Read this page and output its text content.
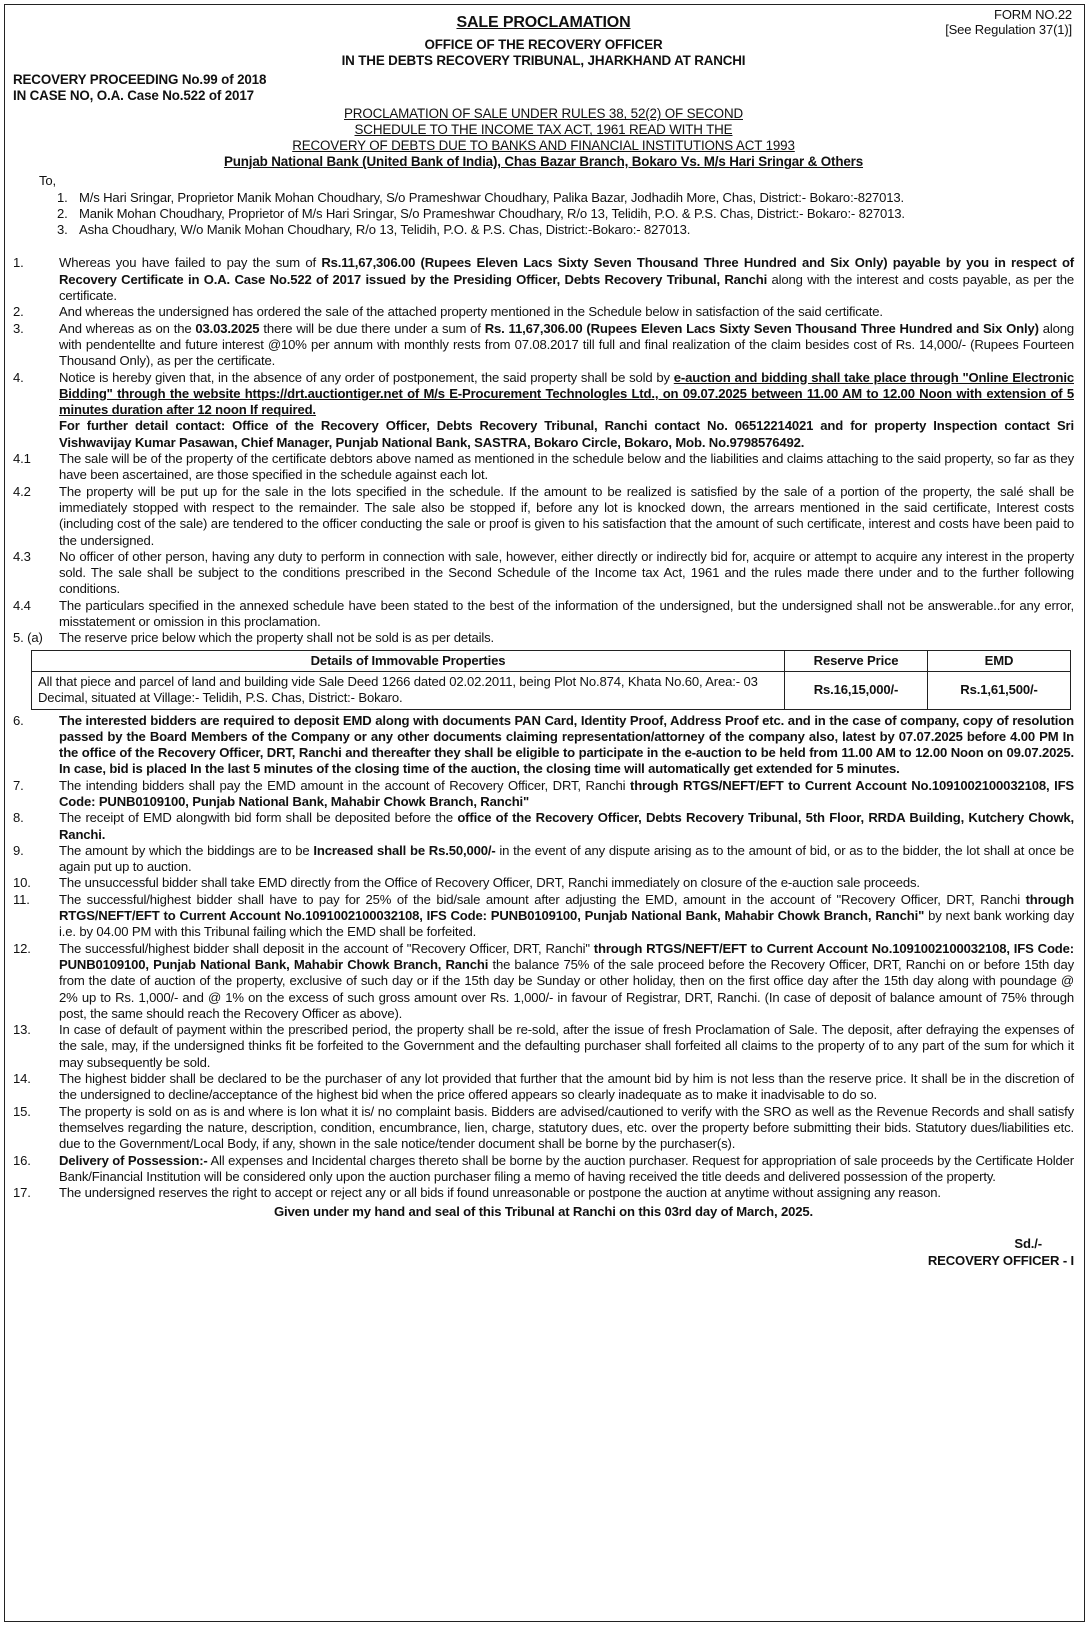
FORM NO.22
[See Regulation 37(1)]
SALE PROCLAMATION
OFFICE OF THE RECOVERY OFFICER
IN THE DEBTS RECOVERY TRIBUNAL, JHARKHAND AT RANCHI
RECOVERY PROCEEDING No.99 of 2018
IN CASE NO, O.A. Case No.522 of 2017
PROCLAMATION OF SALE UNDER RULES 38, 52(2) OF SECOND
SCHEDULE TO THE INCOME TAX ACT, 1961 READ WITH THE
RECOVERY OF DEBTS DUE TO BANKS AND FINANCIAL INSTITUTIONS ACT 1993
Punjab National Bank (United Bank of India), Chas Bazar Branch, Bokaro Vs. M/s Hari Sringar & Others
To,
1. M/s Hari Sringar, Proprietor Manik Mohan Choudhary, S/o Prameshwar Choudhary, Palika Bazar, Jodhadih More, Chas, District:- Bokaro:-827013.
2. Manik Mohan Choudhary, Proprietor of M/s Hari Sringar, S/o Prameshwar Choudhary, R/o 13, Telidih, P.O. & P.S. Chas, District:- Bokaro:- 827013.
3. Asha Choudhary, W/o Manik Mohan Choudhary, R/o 13, Telidih, P.O. & P.S. Chas, District:-Bokaro:- 827013.
1.	Whereas you have failed to pay the sum of Rs.11,67,306.00 (Rupees Eleven Lacs Sixty Seven Thousand Three Hundred and Six Only) payable by you in respect of Recovery Certificate in O.A. Case No.522 of 2017 issued by the Presiding Officer, Debts Recovery Tribunal, Ranchi along with the interest and costs payable, as per the certificate.
2.	And whereas the undersigned has ordered the sale of the attached property mentioned in the Schedule below in satisfaction of the said certificate.
3.	And whereas as on the 03.03.2025 there will be due there under a sum of Rs. 11,67,306.00 (Rupees Eleven Lacs Sixty Seven Thousand Three Hundred and Six Only) along with pendentellte and future interest @10% per annum with monthly rests from 07.08.2017 till full and final realization of the claim besides cost of Rs. 14,000/- (Rupees Fourteen Thousand Only), as per the certificate.
4.	Notice is hereby given that, in the absence of any order of postponement, the said property shall be sold by e-auction and bidding shall take place through "Online Electronic Bidding" through the website https://drt.auctiontiger.net of M/s E-Procurement Technologles Ltd., on 09.07.2025 between 11.00 AM to 12.00 Noon with extension of 5 minutes duration after 12 noon If required.
For further detail contact: Office of the Recovery Officer, Debts Recovery Tribunal, Ranchi contact No. 06512214021 and for property Inspection contact Sri Vishwavijay Kumar Pasawan, Chief Manager, Punjab National Bank, SASTRA, Bokaro Circle, Bokaro, Mob. No.9798576492.
4.1	The sale will be of the property of the certificate debtors above named as mentioned in the schedule below and the liabilities and claims attaching to the said property, so far as they have been ascertained, are those specified in the schedule against each lot.
4.2	The property will be put up for the sale in the lots specified in the schedule. If the amount to be realized is satisfied by the sale of a portion of the property, the salé shall be immediately stopped with respect to the remainder. The sale also be stopped if, before any lot is knocked down, the arrears mentioned in the said certificate, Interest costs (including cost of the sale) are tendered to the officer conducting the sale or proof is given to his satisfaction that the amount of such certificate, interest and costs have been paid to the undersigned.
4.3	No officer of other person, having any duty to perform in connection with sale, however, either directly or indirectly bid for, acquire or attempt to acquire any interest in the property sold. The sale shall be subject to the conditions prescribed in the Second Schedule of the Income tax Act, 1961 and the rules made there under and to the further following conditions.
4.4	The particulars specified in the annexed schedule have been stated to the best of the information of the undersigned, but the undersigned shall not be answerable..for any error, misstatement or omission in this proclamation.
5. (a)	The reserve price below which the property shall not be sold is as per details.
Details of Immovable Properties	Reserve Price	EMD
All that piece and parcel of land and building vide Sale Deed 1266 dated 02.02.2011, being Plot No.874, Khata No.60, Area:- 03 Decimal, situated at Village:- Telidih, P.S. Chas, District:- Bokaro.	Rs.16,15,000/-	Rs.1,61,500/-
6.	The interested bidders are required to deposit EMD along with documents PAN Card, Identity Proof, Address Proof etc. and in the case of company, copy of resolution passed by the Board Members of the Company or any other documents claiming representation/attorney of the company also, latest by 07.07.2025 before 4.00 PM In the office of the Recovery Officer, DRT, Ranchi and thereafter they shall be eligible to participate in the e-auction to be held from 11.00 AM to 12.00 Noon on 09.07.2025. In case, bid is placed In the last 5 minutes of the closing time of the auction, the closing time will automatically get extended for 5 minutes.
7.	The intending bidders shall pay the EMD amount in the account of Recovery Officer, DRT, Ranchi through RTGS/NEFT/EFT to Current Account No.1091002100032108, IFS Code: PUNB0109100, Punjab National Bank, Mahabir Chowk Branch, Ranchi"
8.	The receipt of EMD alongwith bid form shall be deposited before the office of the Recovery Officer, Debts Recovery Tribunal, 5th Floor, RRDA Building, Kutchery Chowk, Ranchi.
9.	The amount by which the biddings are to be Increased shall be Rs.50,000/- in the event of any dispute arising as to the amount of bid, or as to the bidder, the lot shall at once be again put up to auction.
10.	The unsuccessful bidder shall take EMD directly from the Office of Recovery Officer, DRT, Ranchi immediately on closure of the e-auction sale proceeds.
11.	The successful/highest bidder shall have to pay for 25% of the bid/sale amount after adjusting the EMD, amount in the account of "Recovery Officer, DRT, Ranchi through RTGS/NEFT/EFT to Current Account No.1091002100032108, IFS Code: PUNB0109100, Punjab National Bank, Mahabir Chowk Branch, Ranchi" by next bank working day i.e. by 04.00 PM with this Tribunal failing which the EMD shall be forfeited.
12.	The successful/highest bidder shall deposit in the account of "Recovery Officer, DRT, Ranchi" through RTGS/NEFT/EFT to Current Account No.1091002100032108, IFS Code: PUNB0109100, Punjab National Bank, Mahabir Chowk Branch, Ranchi the balance 75% of the sale proceed before the Recovery Officer, DRT, Ranchi on or before 15th day from the date of auction of the property, exclusive of such day or if the 15th day be Sunday or other holiday, then on the first office day after the 15th day along with poundage @ 2% up to Rs. 1,000/- and @ 1% on the excess of such gross amount over Rs. 1,000/- in favour of Registrar, DRT, Ranchi. (In case of deposit of balance amount of 75% through post, the same should reach the Recovery Officer as above).
13.	In case of default of payment within the prescribed period, the property shall be re-sold, after the issue of fresh Proclamation of Sale. The deposit, after defraying the expenses of the sale, may, if the undersigned thinks fit be forfeited to the Government and the defaulting purchaser shall forfeited all claims to the property of to any part of the sum for which it may subsequently be sold.
14.	The highest bidder shall be declared to be the purchaser of any lot provided that further that the amount bid by him is not less than the reserve price. It shall be in the discretion of the undersigned to decline/acceptance of the highest bid when the price offered appears so clearly inadequate as to make it inadvisable to do so.
15.	The property is sold on as is and where is lon what it is/ no complaint basis. Bidders are advised/cautioned to verify with the SRO as well as the Revenue Records and shall satisfy themselves regarding the nature, description, condition, encumbrance, lien, charge, statutory dues, etc. over the property before submitting their bids. Statutory dues/liabilities etc. due to the Government/Local Body, if any, shown in the sale notice/tender document shall be borne by the purchaser(s).
16.	Delivery of Possession:- All expenses and Incidental charges thereto shall be borne by the auction purchaser. Request for appropriation of sale proceeds by the Certificate Holder Bank/Financial Institution will be considered only upon the auction purchaser filing a memo of having received the title deeds and delivered possession of the property.
17.	The undersigned reserves the right to accept or reject any or all bids if found unreasonable or postpone the auction at anytime without assigning any reason.
Given under my hand and seal of this Tribunal at Ranchi on this 03rd day of March, 2025.
Sd./-
RECOVERY OFFICER - I
